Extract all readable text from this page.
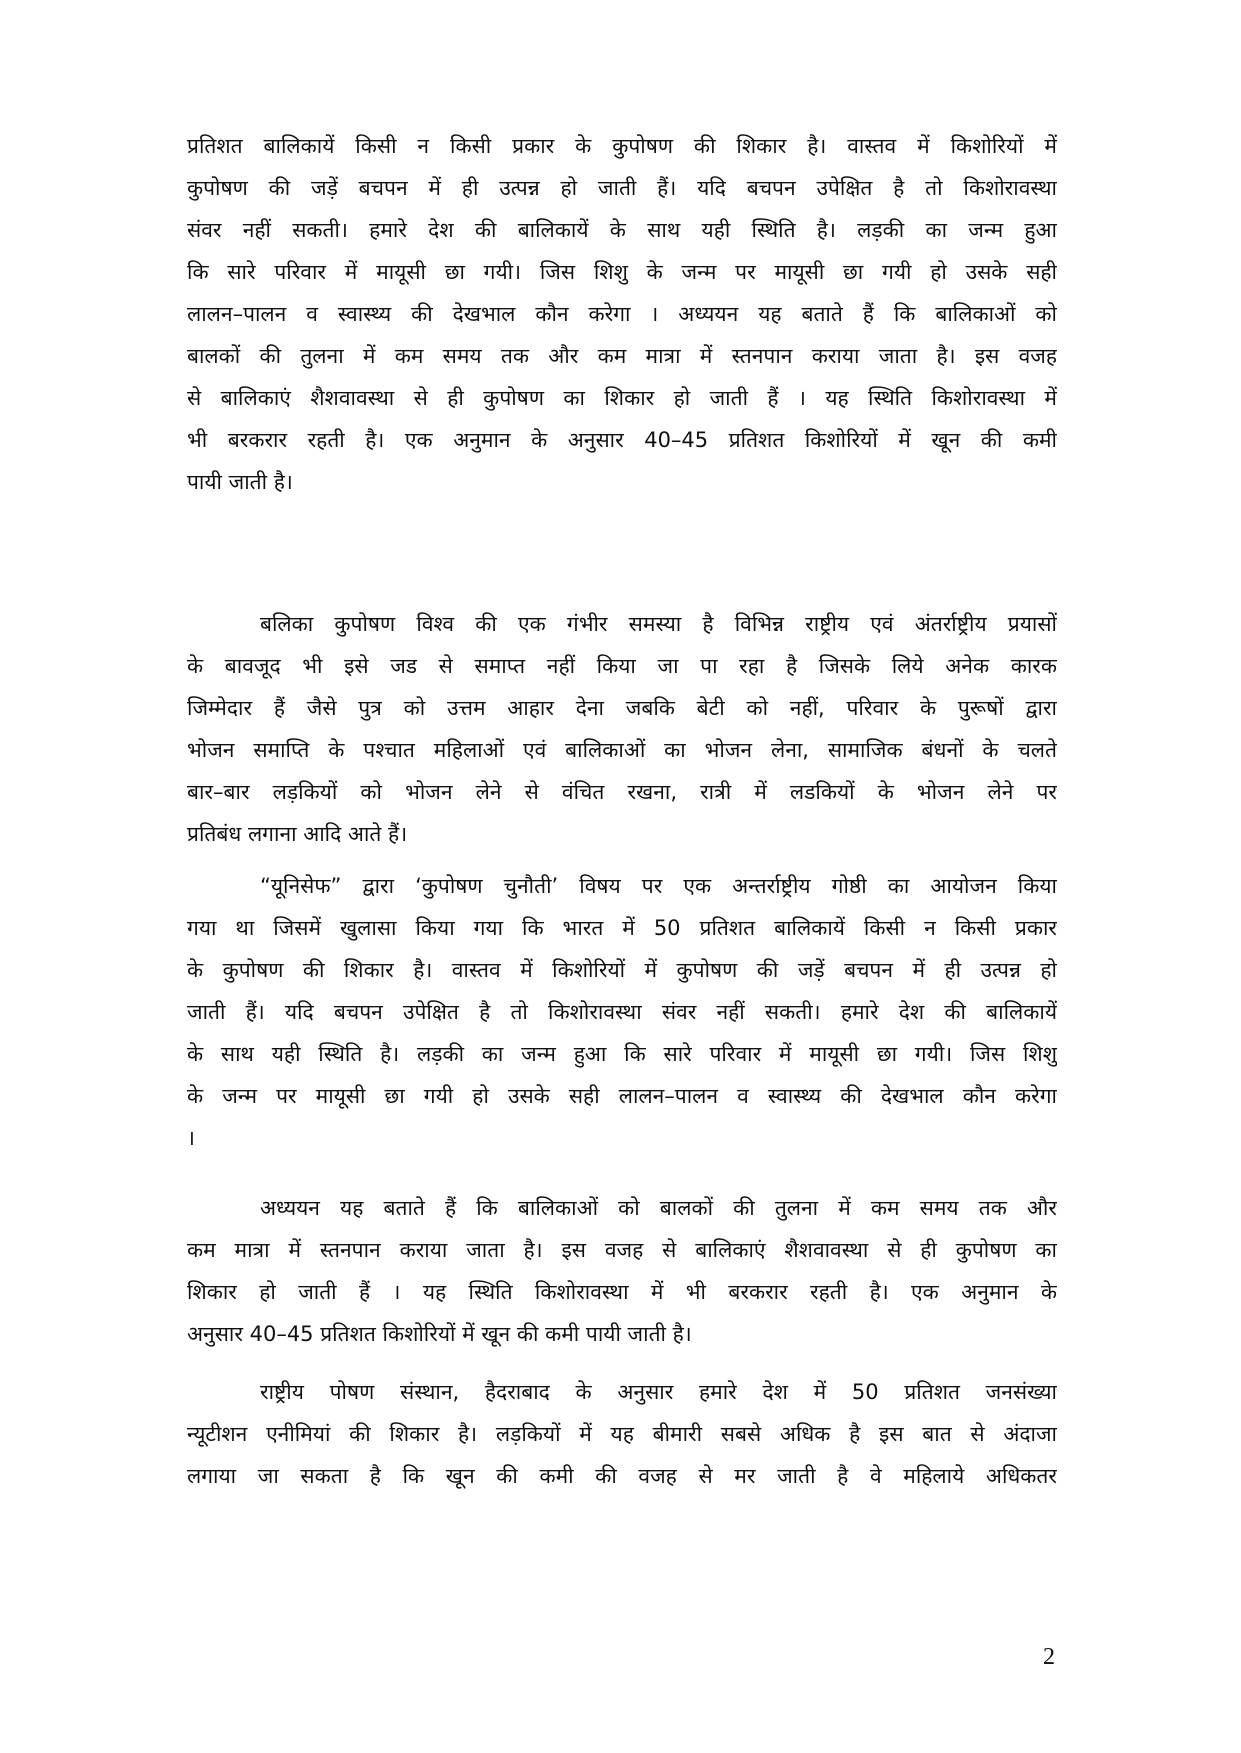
प्रतिशत बालिकायें किसी न किसी प्रकार के कुपोषण की शिकार है। वास्तव में किशोरियों में
कुपोषण की जड़ें बचपन में ही उत्पन्न हो जाती हैं। यदि बचपन उपेक्षित है तो किशोरावस्था
संवर नहीं सकती। हमारे देश की बालिकायें के साथ यही स्थिति है। लड़की का जन्म हुआ
कि सारे परिवार में मायूसी छा गयी। जिस शिशु के जन्म पर मायूसी छा गयी हो उसके सही
लालन–पालन व स्वास्थ्य की देखभाल कौन करेगा । अध्ययन यह बताते हैं कि बालिकाओं को
बालकों की तुलना में कम समय तक और कम मात्रा में स्तनपान कराया जाता है। इस वजह
से बालिकाएं शैशवावस्था से ही कुपोषण का शिकार हो जाती हैं । यह स्थिति किशोरावस्था में
भी बरकरार रहती है। एक अनुमान के अनुसार 40–45 प्रतिशत किशोरियों में खून की कमी
पायी जाती है।
बलिका कुपोषण विश्व की एक गंभीर समस्या है विभिन्न राष्ट्रीय एवं अंतर्राष्ट्रीय प्रयासों
के बावजूद भी इसे जड से समाप्त नहीं किया जा पा रहा है जिसके लिये अनेक कारक
जिम्मेदार हैं जैसे पुत्र को उत्तम आहार देना जबकि बेटी को नहीं, परिवार के पुरूषों द्वारा
भोजन समाप्ति के पश्चात महिलाओं एवं बालिकाओं का भोजन लेना, सामाजिक बंधनों के चलते
बार–बार लड़कियों को भोजन लेने से वंचित रखना, रात्री में लडकियों के भोजन लेने पर
प्रतिबंध लगाना आदि आते हैं।
“यूनिसेफ” द्वारा ‘कुपोषण चुनौती’ विषय पर एक अन्तर्राष्ट्रीय गोष्ठी का आयोजन किया
गया था जिसमें खुलासा किया गया कि भारत में 50 प्रतिशत बालिकायें किसी न किसी प्रकार
के कुपोषण की शिकार है। वास्तव में किशोरियों में कुपोषण की जड़ें बचपन में ही उत्पन्न हो
जाती हैं। यदि बचपन उपेक्षित है तो किशोरावस्था संवर नहीं सकती। हमारे देश की बालिकायें
के साथ यही स्थिति है। लड़की का जन्म हुआ कि सारे परिवार में मायूसी छा गयी। जिस शिशु
के जन्म पर मायूसी छा गयी हो उसके सही लालन–पालन व स्वास्थ्य की देखभाल कौन करेगा
।
अध्ययन यह बताते हैं कि बालिकाओं को बालकों की तुलना में कम समय तक और
कम मात्रा में स्तनपान कराया जाता है। इस वजह से बालिकाएं शैशवावस्था से ही कुपोषण का
शिकार हो जाती हैं । यह स्थिति किशोरावस्था में भी बरकरार रहती है। एक अनुमान के
अनुसार 40–45 प्रतिशत किशोरियों में खून की कमी पायी जाती है।
राष्ट्रीय पोषण संस्थान, हैदराबाद के अनुसार हमारे देश में 50 प्रतिशत जनसंख्या
न्यूटीशन एनीमियां की शिकार है। लड़कियों में यह बीमारी सबसे अधिक है इस बात से अंदाजा
लगाया जा सकता है कि खून की कमी की वजह से मर जाती है वे महिलाये अधिकतर
2
